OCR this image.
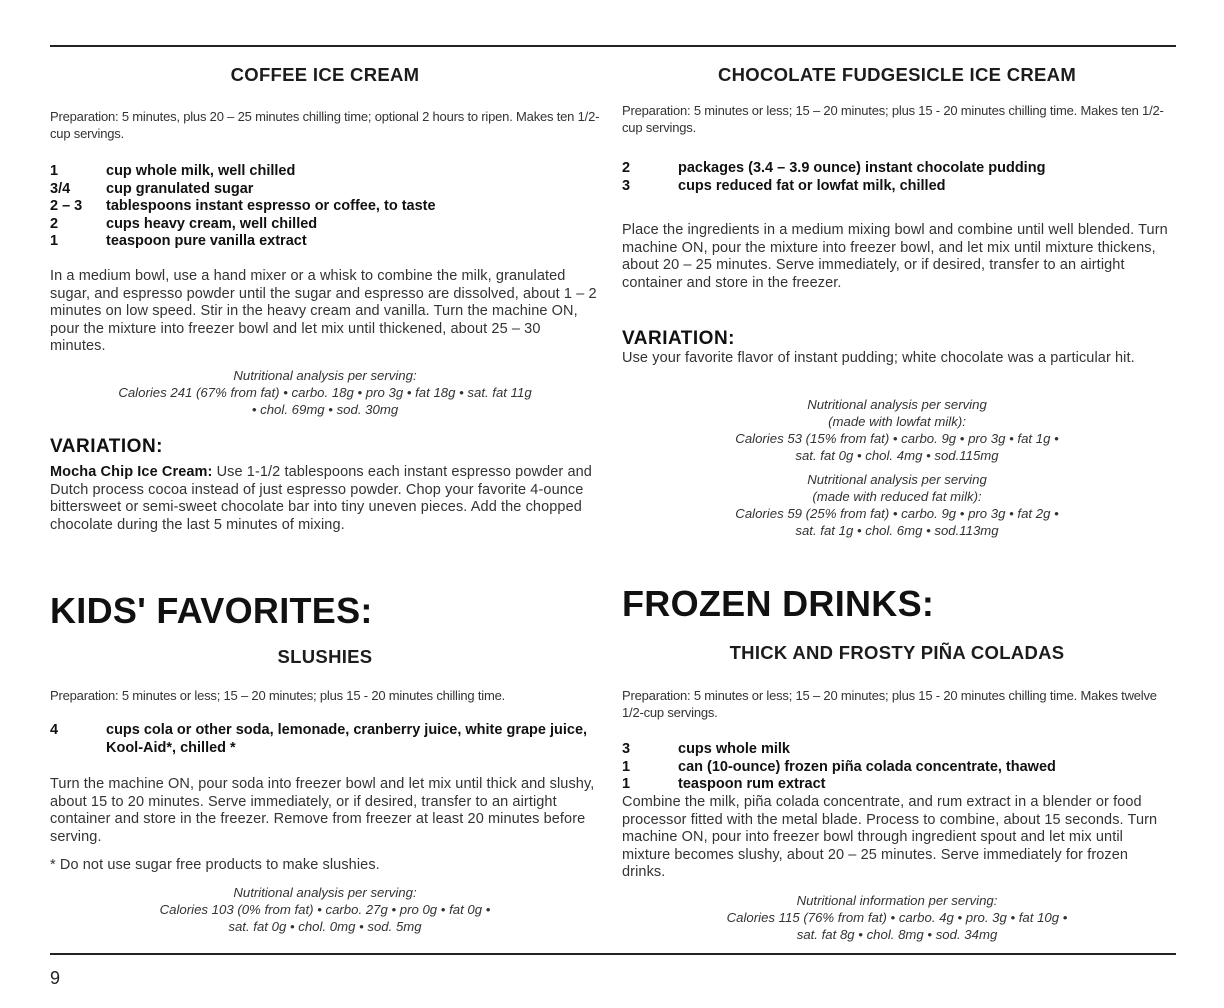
COFFEE ICE CREAM

Preparation: 5 minutes, plus 20 – 25 minutes chilling time; optional 2 hours to ripen. Makes ten 1/2-cup servings.

1	cup whole milk, well chilled
3/4	cup granulated sugar
2 – 3	tablespoons instant espresso or coffee, to taste
2	cups heavy cream, well chilled
1	teaspoon pure vanilla extract

In a medium bowl, use a hand mixer or a whisk to combine the milk, granulated sugar, and espresso powder until the sugar and espresso are dissolved, about 1 – 2 minutes on low speed. Stir in the heavy cream and vanilla. Turn the machine ON, pour the mixture into freezer bowl and let mix until thickened, about 25 – 30 minutes.

Nutritional analysis per serving:

Calories 241 (67% from fat) • carbo. 18g • pro 3g • fat 18g • sat. fat 11g

• chol. 69mg • sod. 30mg

VARIATION:

Mocha Chip Ice Cream: Use 1-1/2 tablespoons each instant espresso powder and Dutch process cocoa instead of just espresso powder. Chop your favorite 4-ounce bittersweet or semi-sweet chocolate bar into tiny uneven pieces. Add the chopped chocolate during the last 5 minutes of mixing.

KIDS' FAVORITES:
SLUSHIES

Preparation: 5 minutes or less; 15 – 20 minutes; plus 15 - 20 minutes chilling time.

4	cups cola or other soda, lemonade, cranberry juice, white grape juice, Kool-Aid*, chilled *

Turn the machine ON, pour soda into freezer bowl and let mix until thick and slushy, about 15 to 20 minutes. Serve immediately, or if desired, transfer to an airtight container and store in the freezer. Remove from freezer at least 20 minutes before serving.

* Do not use sugar free products to make slushies.

Nutritional analysis per serving:

Calories 103 (0% from fat) • carbo. 27g • pro 0g • fat 0g •

sat. fat 0g • chol. 0mg • sod. 5mg

CHOCOLATE FUDGESICLE ICE CREAM

Preparation: 5 minutes or less; 15 – 20 minutes; plus 15 - 20 minutes chilling time. Makes ten 1/2-cup servings.

2	packages (3.4 – 3.9 ounce) instant chocolate pudding
3	cups reduced fat or lowfat milk, chilled

Place the ingredients in a medium mixing bowl and combine until well blended. Turn machine ON, pour the mixture into freezer bowl, and let mix until mixture thickens, about 20 – 25 minutes. Serve immediately, or if desired, transfer to an airtight container and store in the freezer.

VARIATION:

Use your favorite flavor of instant pudding; white chocolate was a particular hit.

Nutritional analysis per serving

(made with lowfat milk):

Calories 53 (15% from fat) • carbo. 9g • pro 3g • fat 1g •

sat. fat 0g • chol. 4mg • sod.115mg

Nutritional analysis per serving

(made with reduced fat milk):

Calories 59 (25% from fat) • carbo. 9g • pro 3g • fat 2g •

sat. fat 1g • chol. 6mg • sod.113mg

FROZEN DRINKS:
THICK AND FROSTY PIÑA COLADAS

Preparation: 5 minutes or less; 15 – 20 minutes; plus 15 - 20 minutes chilling time. Makes twelve 1/2-cup servings.

3	cups whole milk
1	can (10-ounce) frozen piña colada concentrate, thawed
1	teaspoon rum extract

Combine the milk, piña colada concentrate, and rum extract in a blender or food processor fitted with the metal blade. Process to combine, about 15 seconds. Turn machine ON, pour into freezer bowl through ingredient spout and let mix until mixture becomes slushy, about 20 – 25 minutes. Serve immediately for frozen drinks.

Nutritional information per serving:

Calories 115 (76% from fat) • carbo. 4g • pro. 3g • fat 10g •

sat. fat 8g • chol. 8mg • sod. 34mg

9
